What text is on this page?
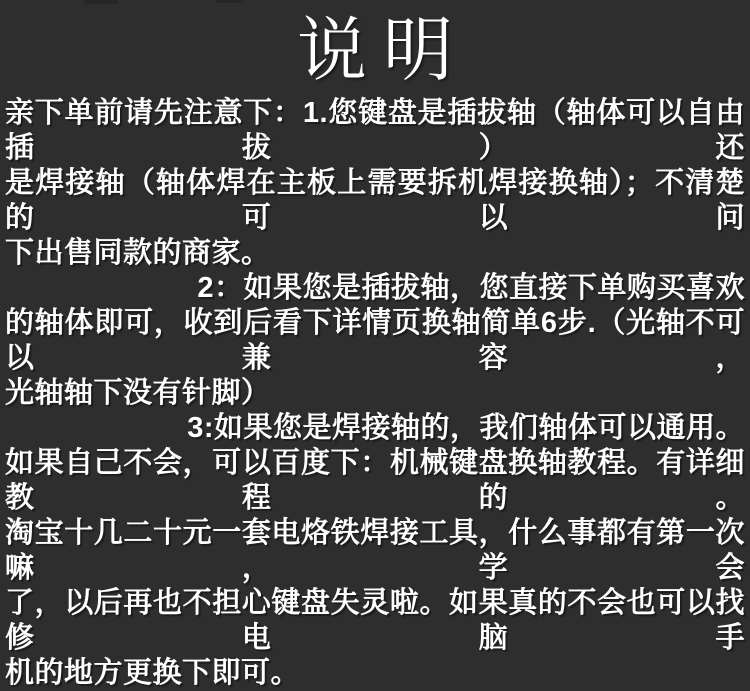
说明
亲下单前请先注意下：1.您键盘是插拔轴（轴体可以自由插拔）还
是焊接轴（轴体焊在主板上需要拆机焊接换轴）；不清楚的可以问
下出售同款的商家。
2：如果您是插拔轴，您直接下单购买喜欢
的轴体即可，收到后看下详情页换轴简单6步.（光轴不可以兼容，
光轴轴下没有针脚）
3:如果您是焊接轴的，我们轴体可以通用。
如果自己不会，可以百度下：机械键盘换轴教程。有详细教程的。
淘宝十几二十元一套电烙铁焊接工具，什么事都有第一次嘛，学会
了，以后再也不担心键盘失灵啦。如果真的不会也可以找修电脑手
机的地方更换下即可。
